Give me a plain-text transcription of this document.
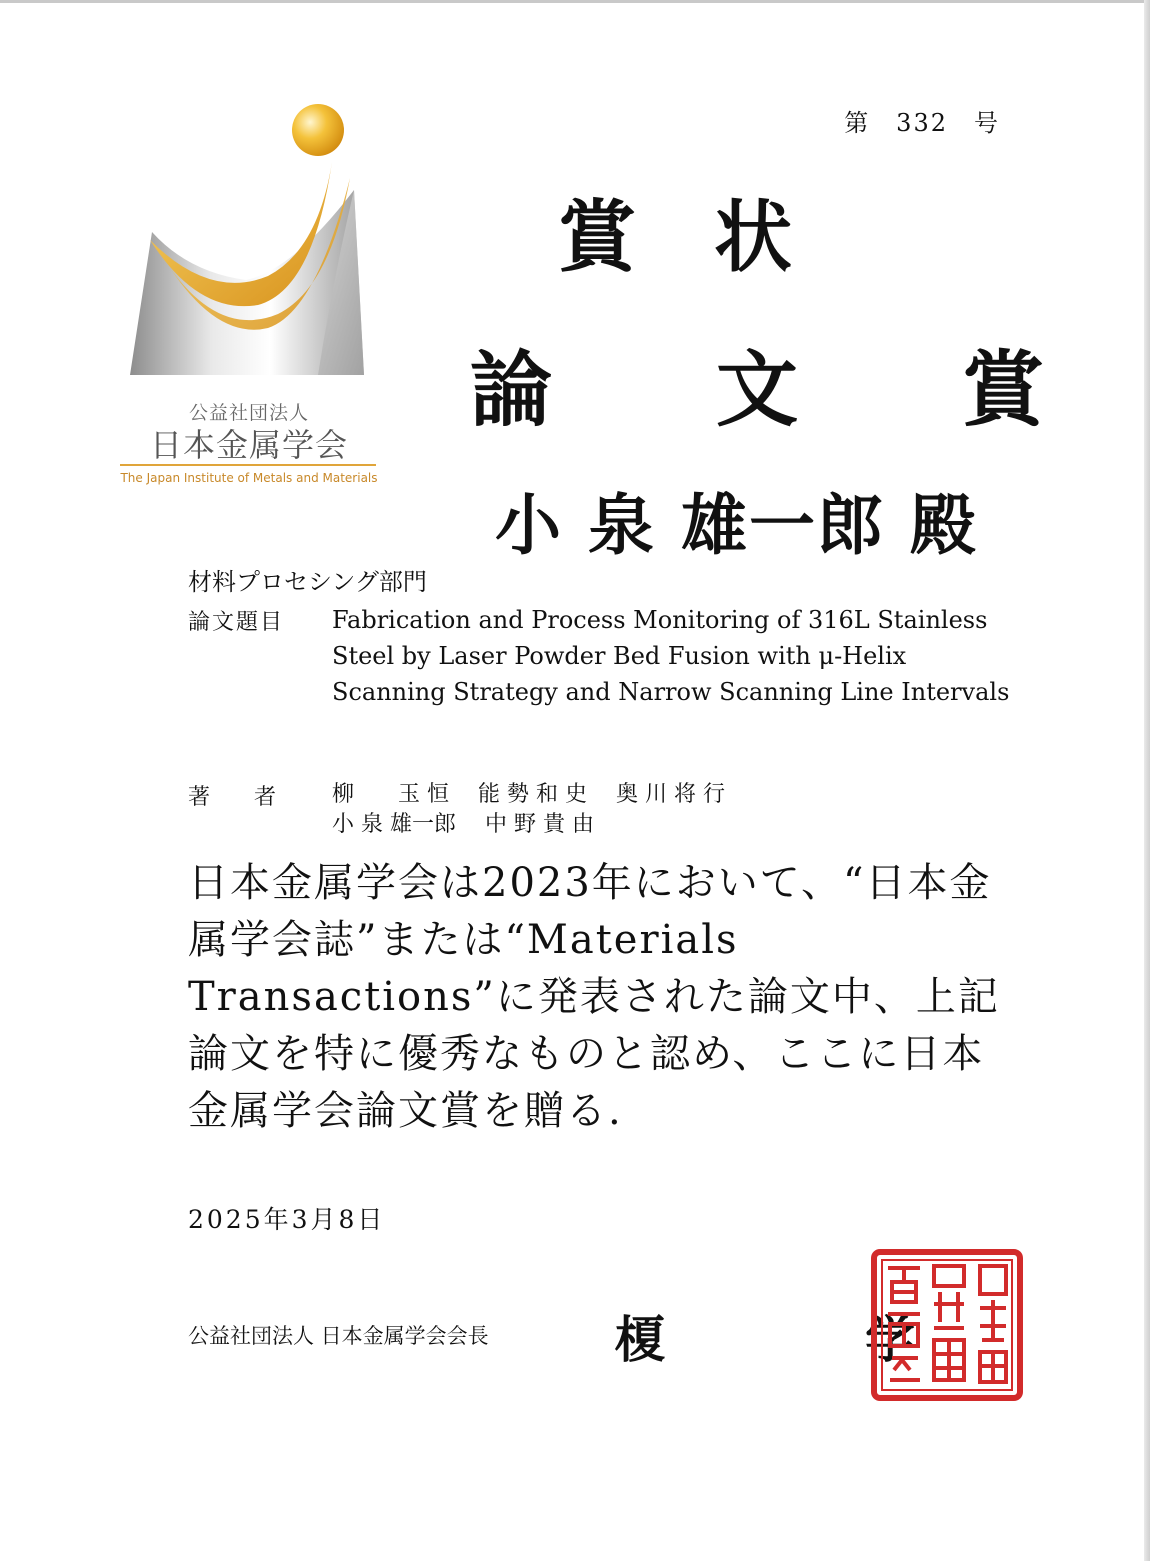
公益社団法人
日本金属学会
The Japan Institute of Metals and Materials
第　332　号
賞　状
論　　文　　賞
小 泉 雄一郎 殿
材料プロセシング部門
論文題目 Fabrication and Process Monitoring of 316L Stainless Steel by Laser Powder Bed Fusion with μ-Helix Scanning Strategy and Narrow Scanning Line Intervals
著　　者	柳　　玉 恒　 能 勢 和 史　 奥 川 将 行
小 泉 雄一郎　 中 野 貴 由
日本金属学会は2023年において、“日本金属学会誌”または“Materials Transactions”に発表された論文中、上記論文を特に優秀なものと認め、ここに日本金属学会論文賞を贈る.
2025年3月8日
公益社団法人 日本金属学会会長	榎　　　　学
